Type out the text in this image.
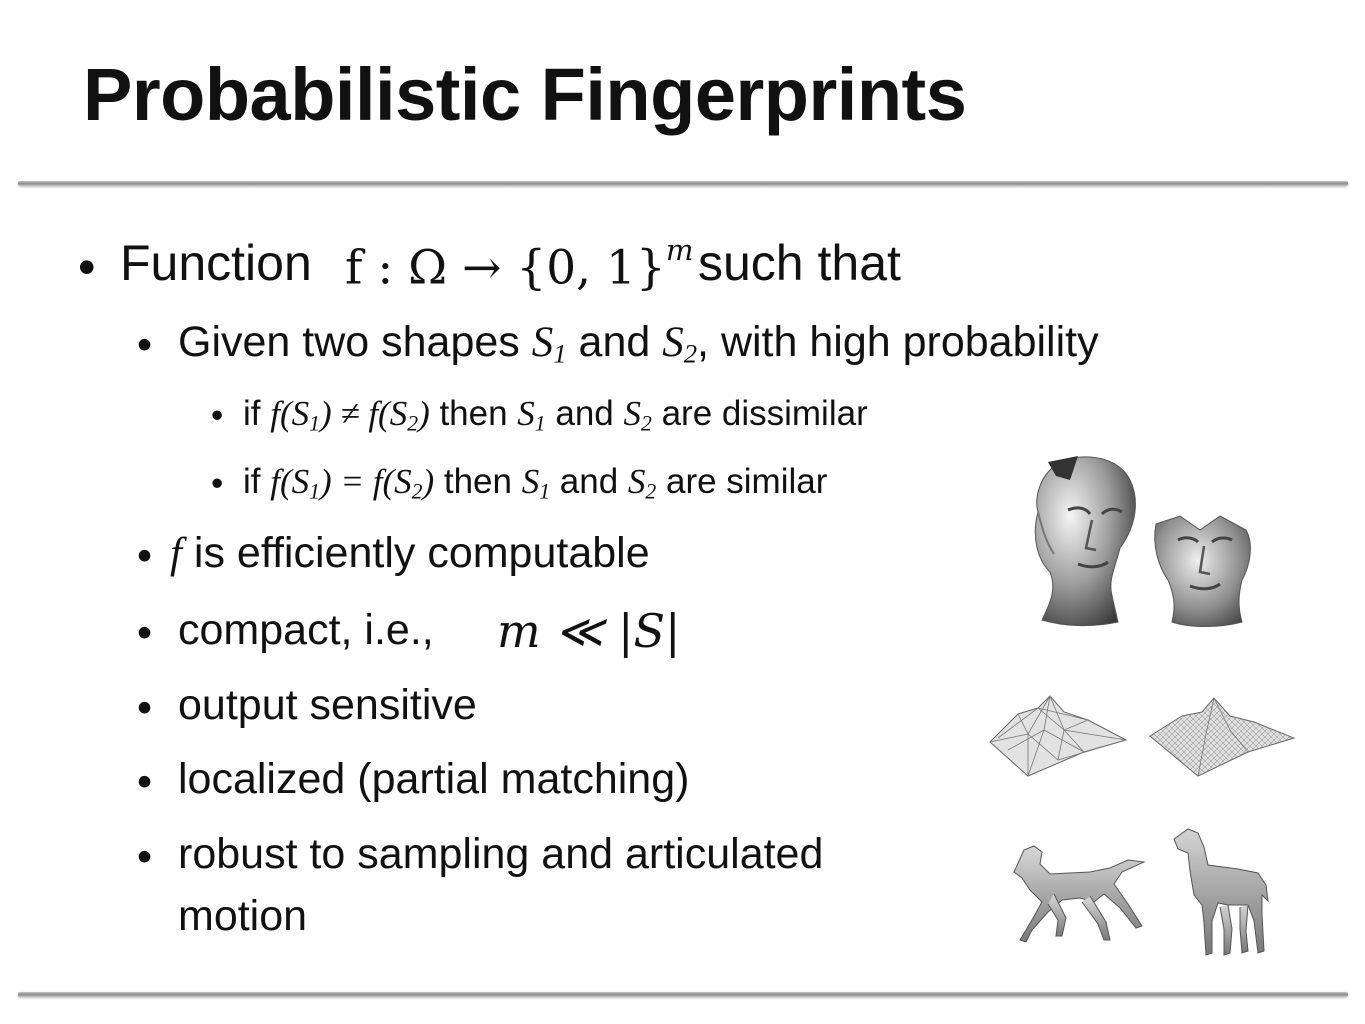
Probabilistic Fingerprints
• Function f : Ω → {0, 1}$^m$ such that
• Given two shapes $S_1$ and $S_2$, with high probability
• if $f(S_1) \ne f(S_2)$ then $S_1$ and $S_2$ are dissimilar
• if $f(S_1) = f(S_2)$ then $S_1$ and $S_2$ are similar
• f is efficiently computable
• compact, i.e., m ≪ |S|
• output sensitive
• localized (partial matching)
• robust to sampling and articulated
motion
